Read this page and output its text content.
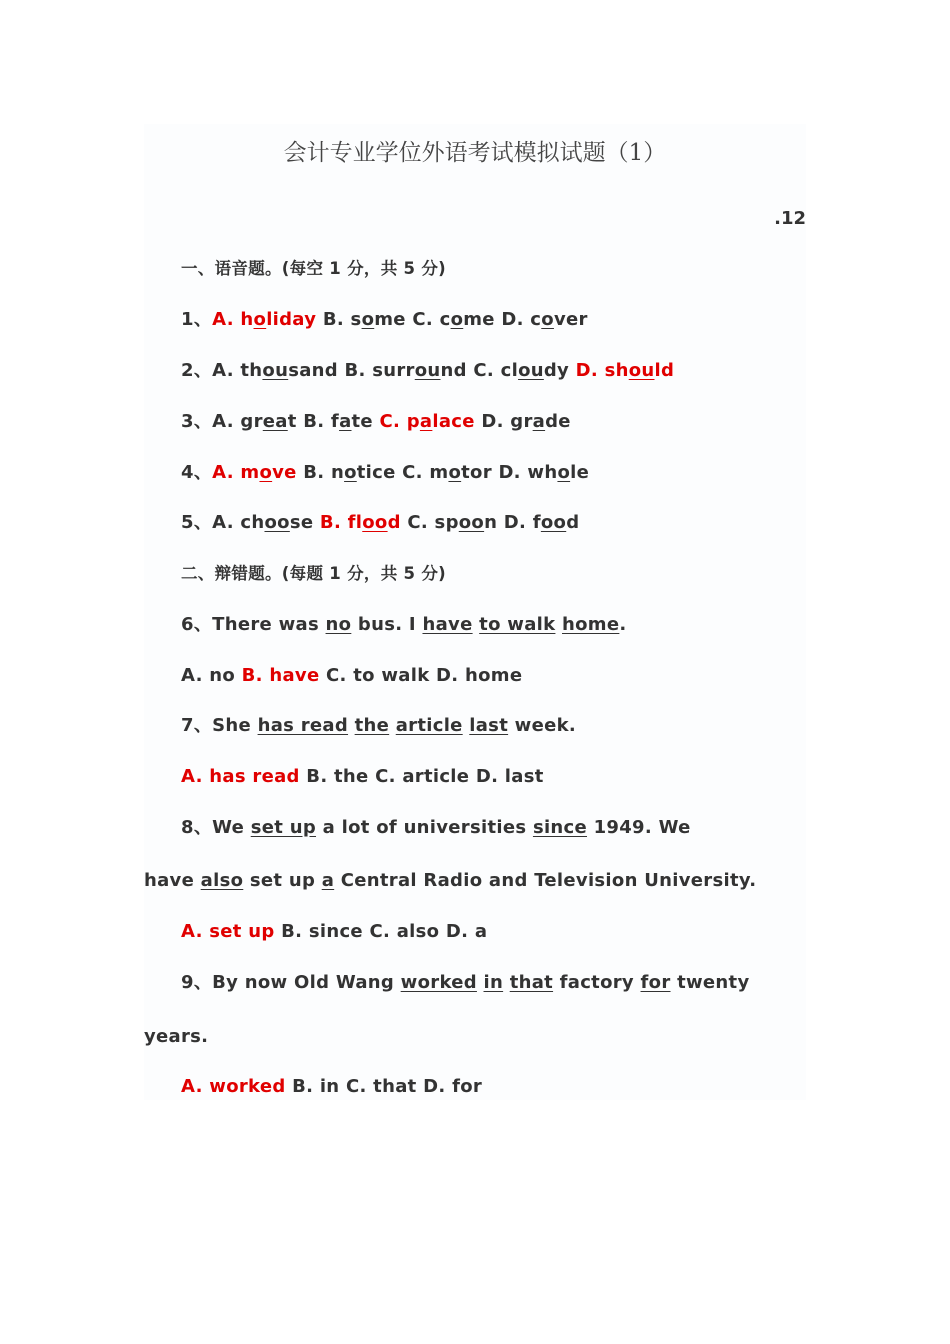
会计专业学位外语考试模拟试题（1）
.12
一、语音题。(每空 1 分，共 5 分)
1、A. holiday B. some C. come D. cover
2、A. thousand B. surround C. cloudy D. should
3、A. great B. fate C. palace D. grade
4、A. move B. notice C. motor D. whole
5、A. choose B. flood C. spoon D. food
二、辩错题。(每题 1 分，共 5 分)
6、There was no bus. I have to walk home.
A. no B. have C. to walk D. home
7、She has read the article last week.
A. has read B. the C. article D. last
8、We set up a lot of universities since 1949. We
have also set up a Central Radio and Television University.
A. set up B. since C. also D. a
9、By now Old Wang worked in that factory for twenty
years.
A. worked B. in C. that D. for
